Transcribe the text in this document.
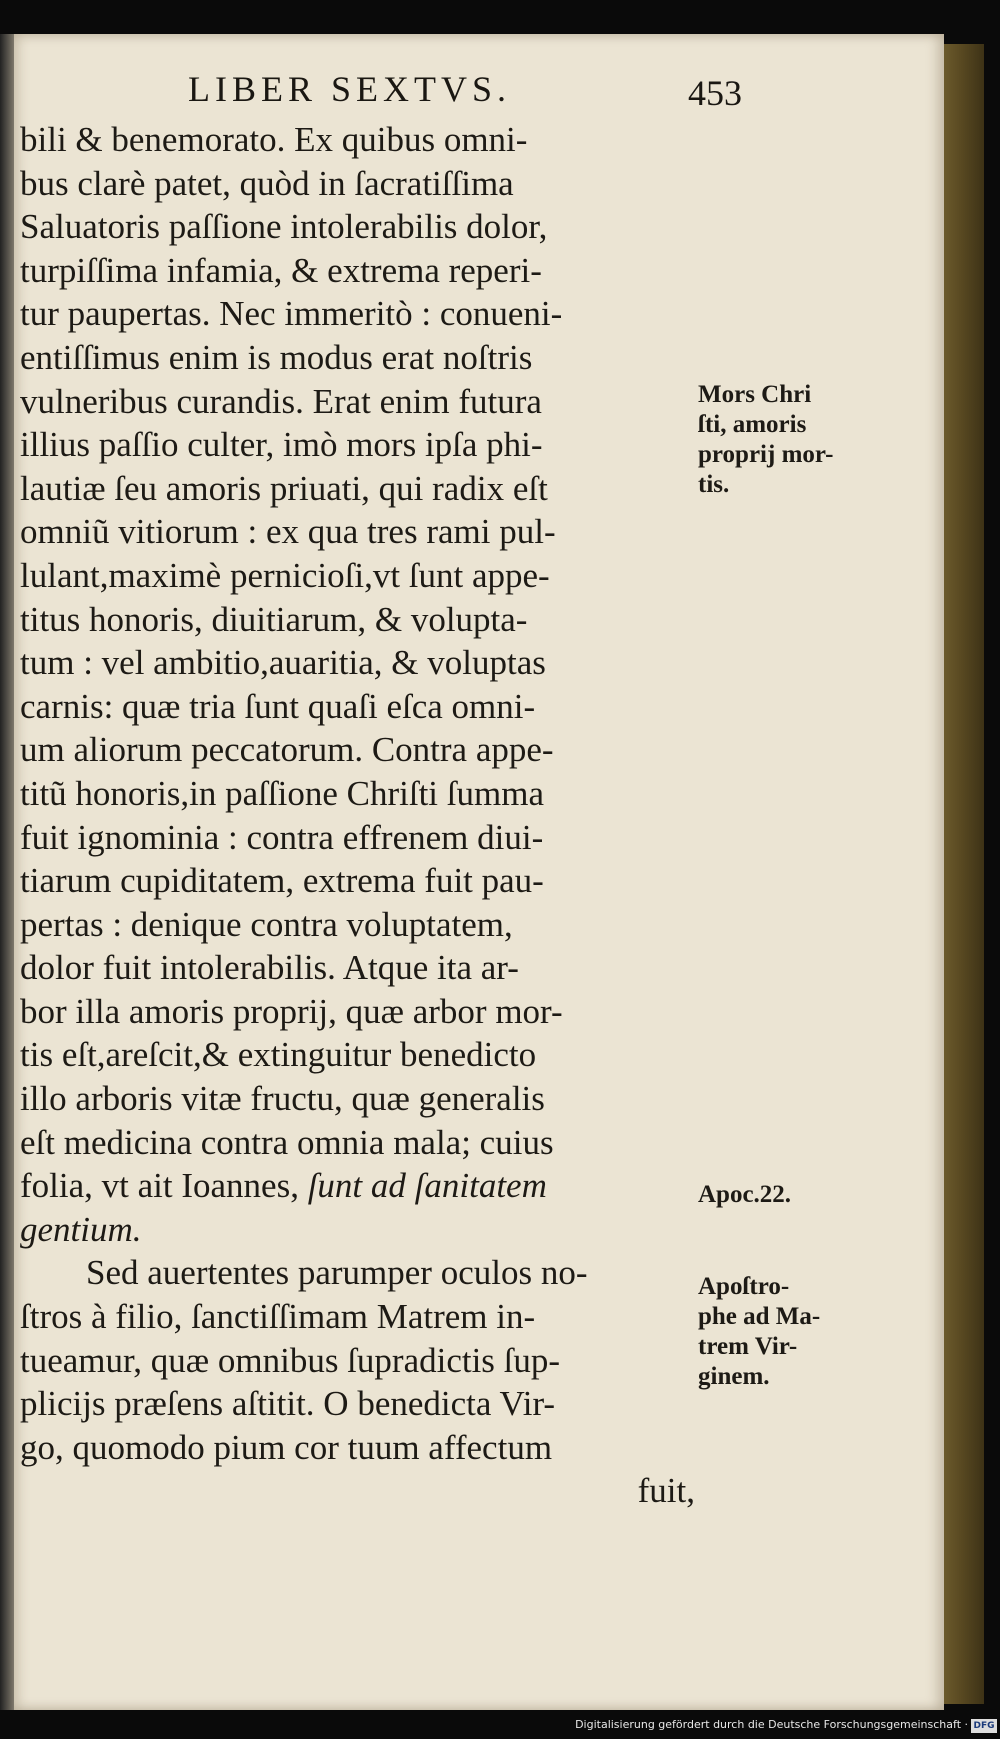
LIBER SEXTVS.	453
bili & benemorato. Ex quibus omni-
bus clarè patet, quòd in ſacratiſſima
Saluatoris paſſione intolerabilis dolor,
turpiſſima infamia, & extrema reperi-
tur paupertas. Nec immeritò : conueni-
entiſſimus enim is modus erat noſtris
vulneribus curandis. Erat enim futura
illius paſſio culter, imò mors ipſa phi-
lautiæ ſeu amoris priuati, qui radix eſt
omniũ vitiorum : ex qua tres rami pul-
lulant,maximè pernicioſi,vt ſunt appe-
titus honoris, diuitiarum, & volupta-
tum : vel ambitio,auaritia, & voluptas
carnis: quæ tria ſunt quaſi eſca omni-
um aliorum peccatorum. Contra appe-
titũ honoris,in paſſione Chriſti ſumma
fuit ignominia : contra effrenem diui-
tiarum cupiditatem, extrema fuit pau-
pertas : denique contra voluptatem,
dolor fuit intolerabilis. Atque ita ar-
bor illa amoris proprij, quæ arbor mor-
tis eſt,areſcit,& extinguitur benedicto
illo arboris vitæ fructu, quæ generalis
eſt medicina contra omnia mala; cuius
folia, vt ait Ioannes, ſunt ad ſanitatem
gentium.
Sed auertentes parumper oculos no-
ſtros à filio, ſanctiſſimam Matrem in-
tueamur, quæ omnibus ſupradictis ſup-
plicijs præſens aſtitit. O benedicta Vir-
go, quomodo pium cor tuum affectum
fuit,
Mors Chri
ſti, amoris
proprij mor-
tis.
Apoc.22.
Apoſtro-
phe ad Ma-
trem Vir-
ginem.
Digitalisierung gefördert durch die Deutsche Forschungsgemeinschaft · DFG
